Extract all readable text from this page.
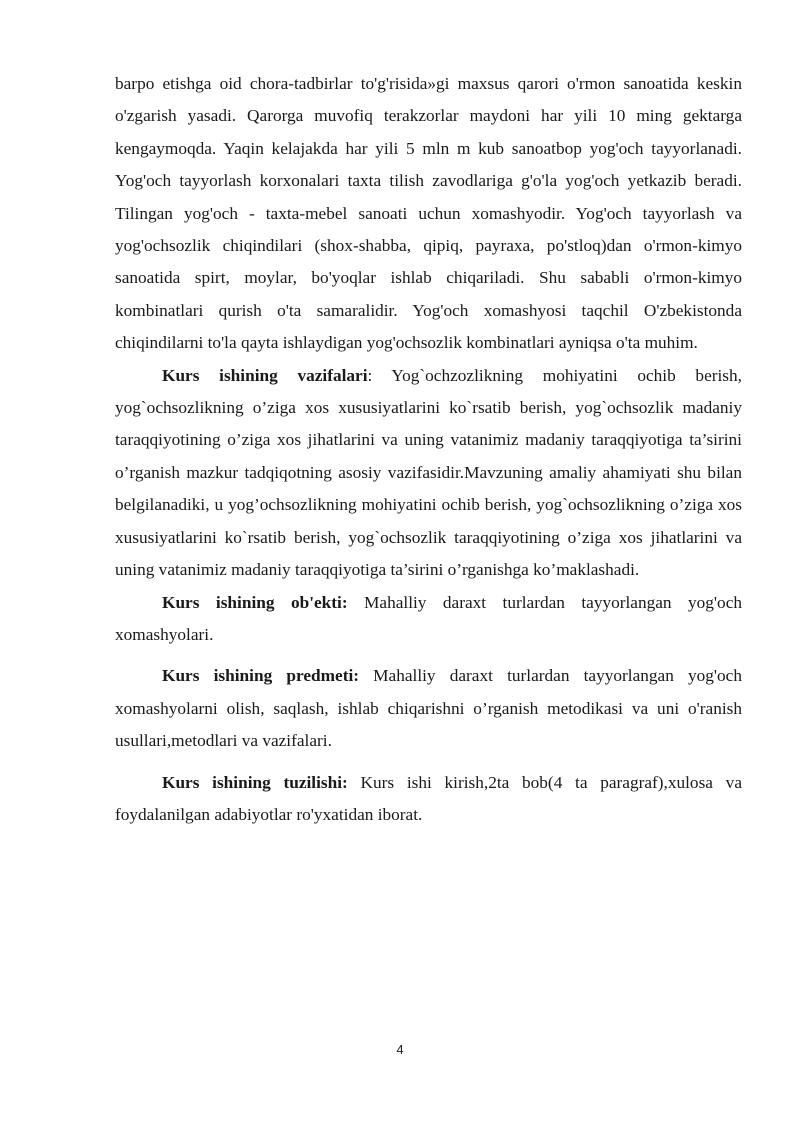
barpo etishga oid chora-tadbirlar to'g'risida»gi maxsus qarori o'rmon sanoatida keskin o'zgarish yasadi. Qarorga muvofiq terakzorlar maydoni har yili 10 ming gektarga kengaymoqda. Yaqin kelajakda har yili 5 mln m kub sanoatbop yog'och tayyorlanadi. Yog'och tayyorlash korxonalari taxta tilish zavodlariga g'o'la yog'och yetkazib beradi. Tilingan yog'och - taxta-mebel sanoati uchun xomashyodir. Yog'och tayyorlash va yog'ochsozlik chiqindilari (shox-shabba, qipiq, payraxa, po'stloq)dan o'rmon-kimyo sanoatida spirt, moylar, bo'yoqlar ishlab chiqariladi. Shu sababli o'rmon-kimyo kombinatlari qurish o'ta samaralidir. Yog'och xomashyosi taqchil O'zbekistonda chiqindilarni to'la qayta ishlaydigan yog'ochsozlik kombinatlari ayniqsa o'ta muhim.

Kurs ishining vazifalari: Yog`ochzozlikning mohiyatini ochib berish, yog`ochsozlikning o’ziga xos xususiyatlarini ko`rsatib berish, yog`ochsozlik madaniy taraqqiyotining o’ziga xos jihatlarini va uning vatanimiz madaniy taraqqiyotiga ta’sirini o’rganish mazkur tadqiqotning asosiy vazifasidir.Mavzuning amaliy ahamiyati shu bilan belgilanadiki, u yog’ochsozlikning mohiyatini ochib berish, yog`ochsozlikning o’ziga xos xususiyatlarini ko`rsatib berish, yog`ochsozlik taraqqiyotining o’ziga xos jihatlarini va uning vatanimiz madaniy taraqqiyotiga ta’sirini o’rganishga ko’maklashadi.

Kurs ishining ob'ekti: Mahalliy daraxt turlardan tayyorlangan yog'och xomashyolari.

Kurs ishining predmeti: Mahalliy daraxt turlardan tayyorlangan yog'och xomashyolarni olish, saqlash, ishlab chiqarishni o’rganish metodikasi va uni o'ranish usullari,metodlari va vazifalari.

Kurs ishining tuzilishi: Kurs ishi kirish,2ta bob(4 ta paragraf),xulosa va foydalanilgan adabiyotlar ro'yxatidan iborat.

4
